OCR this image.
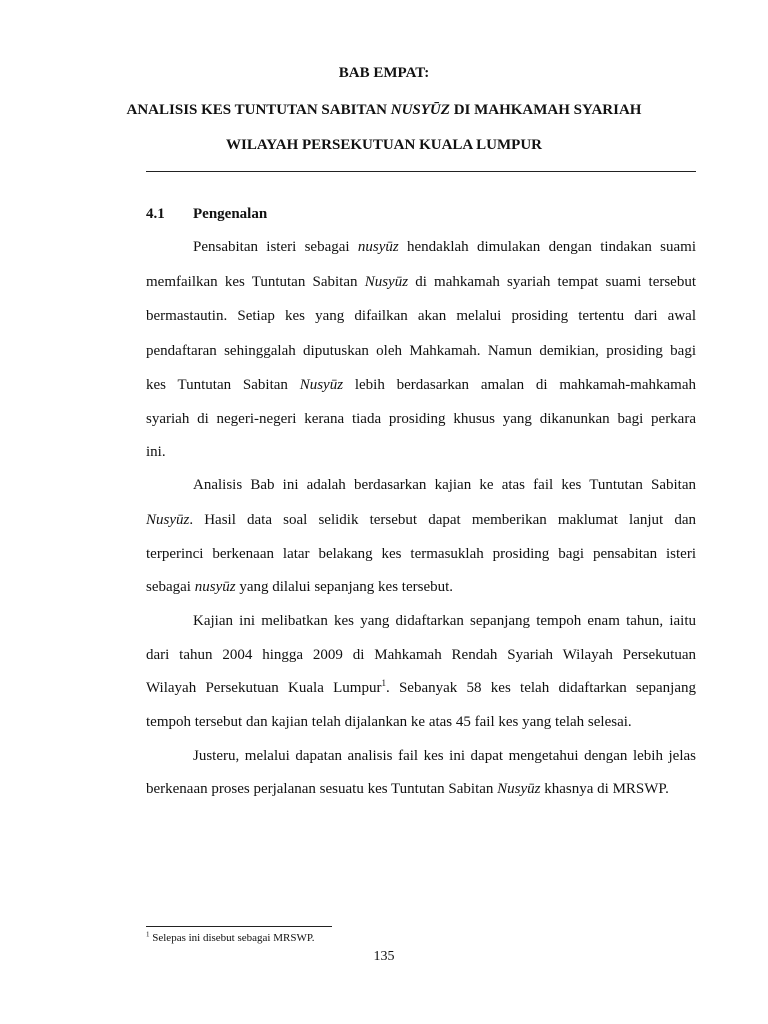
BAB EMPAT:
ANALISIS KES TUNTUTAN SABITAN NUSYŪZ DI MAHKAMAH SYARIAH
WILAYAH PERSEKUTUAN KUALA LUMPUR
4.1 Pengenalan
Pensabitan isteri sebagai nusyūz hendaklah dimulakan dengan tindakan suami
memfailkan kes Tuntutan Sabitan Nusyūz di mahkamah syariah tempat suami tersebut
bermastautin. Setiap kes yang difailkan akan melalui prosiding tertentu dari awal
pendaftaran sehinggalah diputuskan oleh Mahkamah. Namun demikian, prosiding bagi
kes Tuntutan Sabitan Nusyūz lebih berdasarkan amalan di mahkamah-mahkamah
syariah di negeri-negeri kerana tiada prosiding khusus yang dikanunkan bagi perkara
ini.
Analisis Bab ini adalah berdasarkan kajian ke atas fail kes Tuntutan Sabitan
Nusyūz. Hasil data soal selidik tersebut dapat memberikan maklumat lanjut dan
terperinci berkenaan latar belakang kes termasuklah prosiding bagi pensabitan isteri
sebagai nusyūz yang dilalui sepanjang kes tersebut.
Kajian ini melibatkan kes yang didaftarkan sepanjang tempoh enam tahun, iaitu
dari tahun 2004 hingga 2009 di Mahkamah Rendah Syariah Wilayah Persekutuan
Wilayah Persekutuan Kuala Lumpur$^1$. Sebanyak 58 kes telah didaftarkan sepanjang
tempoh tersebut dan kajian telah dijalankan ke atas 45 fail kes yang telah selesai.
Justeru, melalui dapatan analisis fail kes ini dapat mengetahui dengan lebih jelas
berkenaan proses perjalanan sesuatu kes Tuntutan Sabitan Nusyūz khasnya di MRSWP.
$^1$ Selepas ini disebut sebagai MRSWP.
135
